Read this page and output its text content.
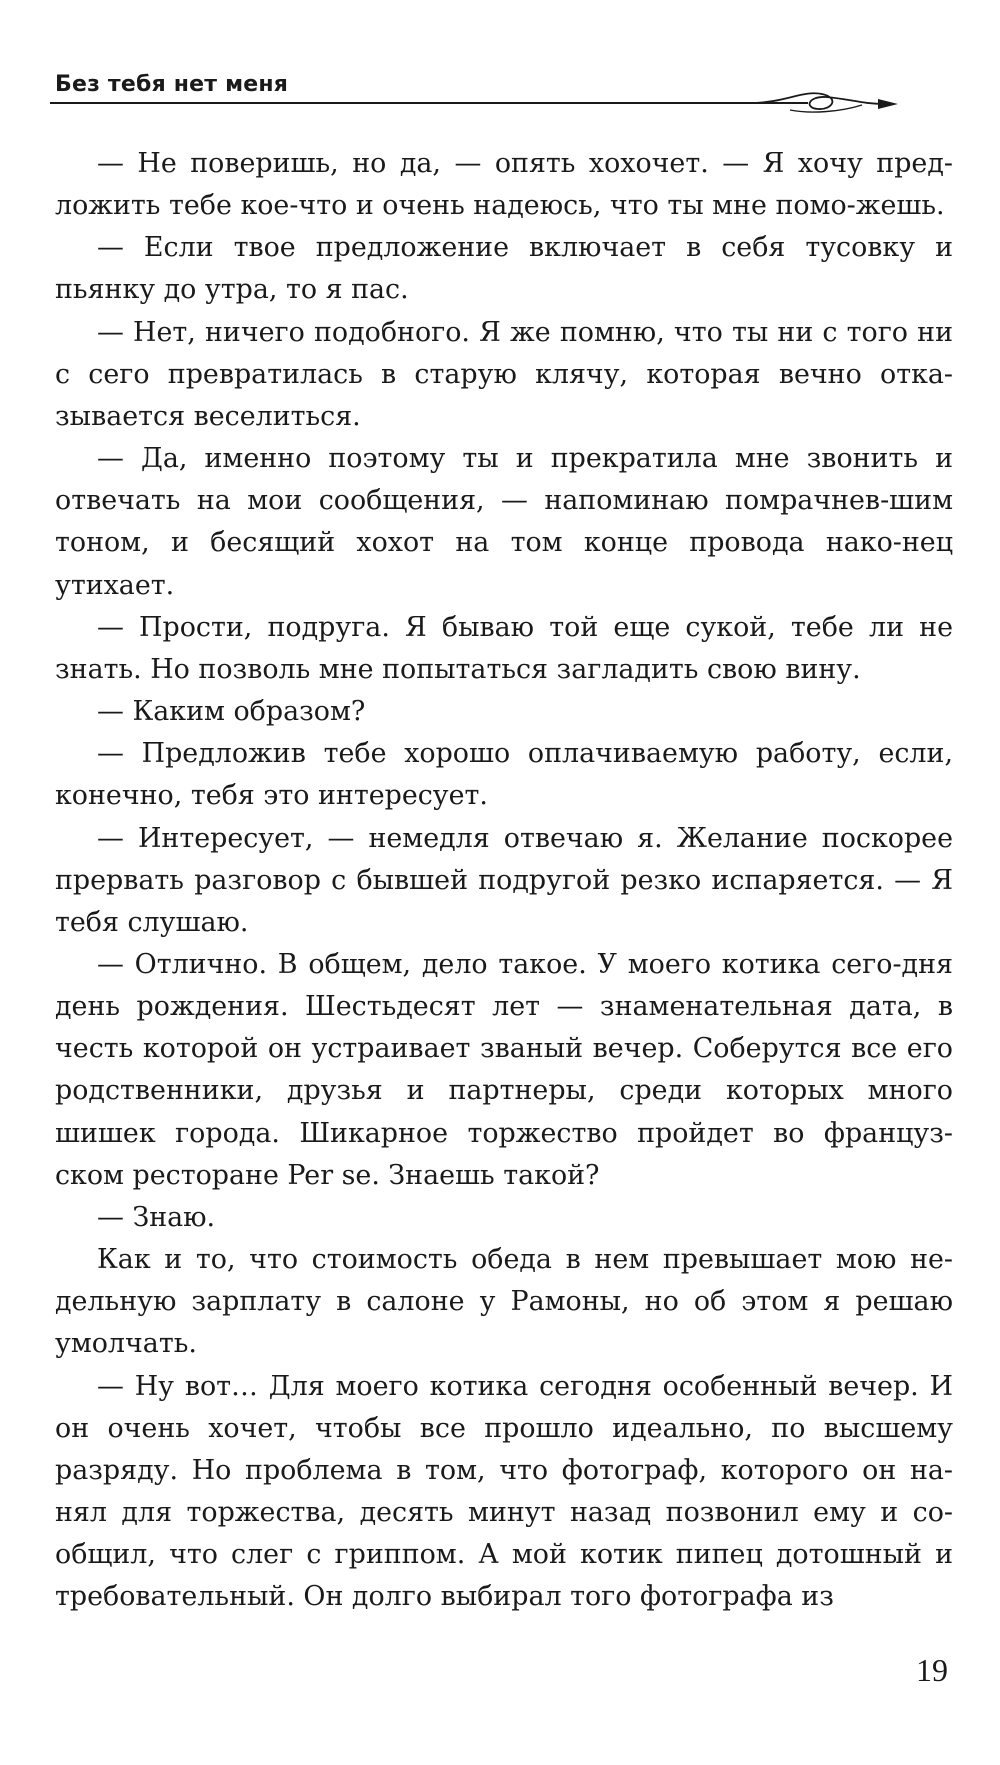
Без тебя нет меня

— Не поверишь, но да, — опять хохочет. — Я хочу пред-ложить тебе кое-что и очень надеюсь, что ты мне помо-жешь.

— Если твое предложение включает в себя тусовку и пьянку до утра, то я пас.

— Нет, ничего подобного. Я же помню, что ты ни с того ни с сего превратилась в старую клячу, которая вечно отка-зывается веселиться.

— Да, именно поэтому ты и прекратила мне звонить и отвечать на мои сообщения, — напоминаю помрачнев-шим тоном, и бесящий хохот на том конце провода нако-нец утихает.

— Прости, подруга. Я бываю той еще сукой, тебе ли не знать. Но позволь мне попытаться загладить свою вину.

— Каким образом?

— Предложив тебе хорошо оплачиваемую работу, если, конечно, тебя это интересует.

— Интересует, — немедля отвечаю я. Желание поскорее прервать разговор с бывшей подругой резко испаряется. — Я тебя слушаю.

— Отлично. В общем, дело такое. У моего котика сего-дня день рождения. Шестьдесят лет — знаменательная дата, в честь которой он устраивает званый вечер. Соберутся все его родственники, друзья и партнеры, среди которых много шишек города. Шикарное торжество пройдет во француз-ском ресторане Per se. Знаешь такой?

— Знаю.

Как и то, что стоимость обеда в нем превышает мою не-дельную зарплату в салоне у Рамоны, но об этом я решаю умолчать.

— Ну вот… Для моего котика сегодня особенный вечер. И он очень хочет, чтобы все прошло идеально, по высшему разряду. Но проблема в том, что фотограф, которого он на-нял для торжества, десять минут назад позвонил ему и со-общил, что слег с гриппом. А мой котик пипец дотошный и требовательный. Он долго выбирал того фотографа из

19
